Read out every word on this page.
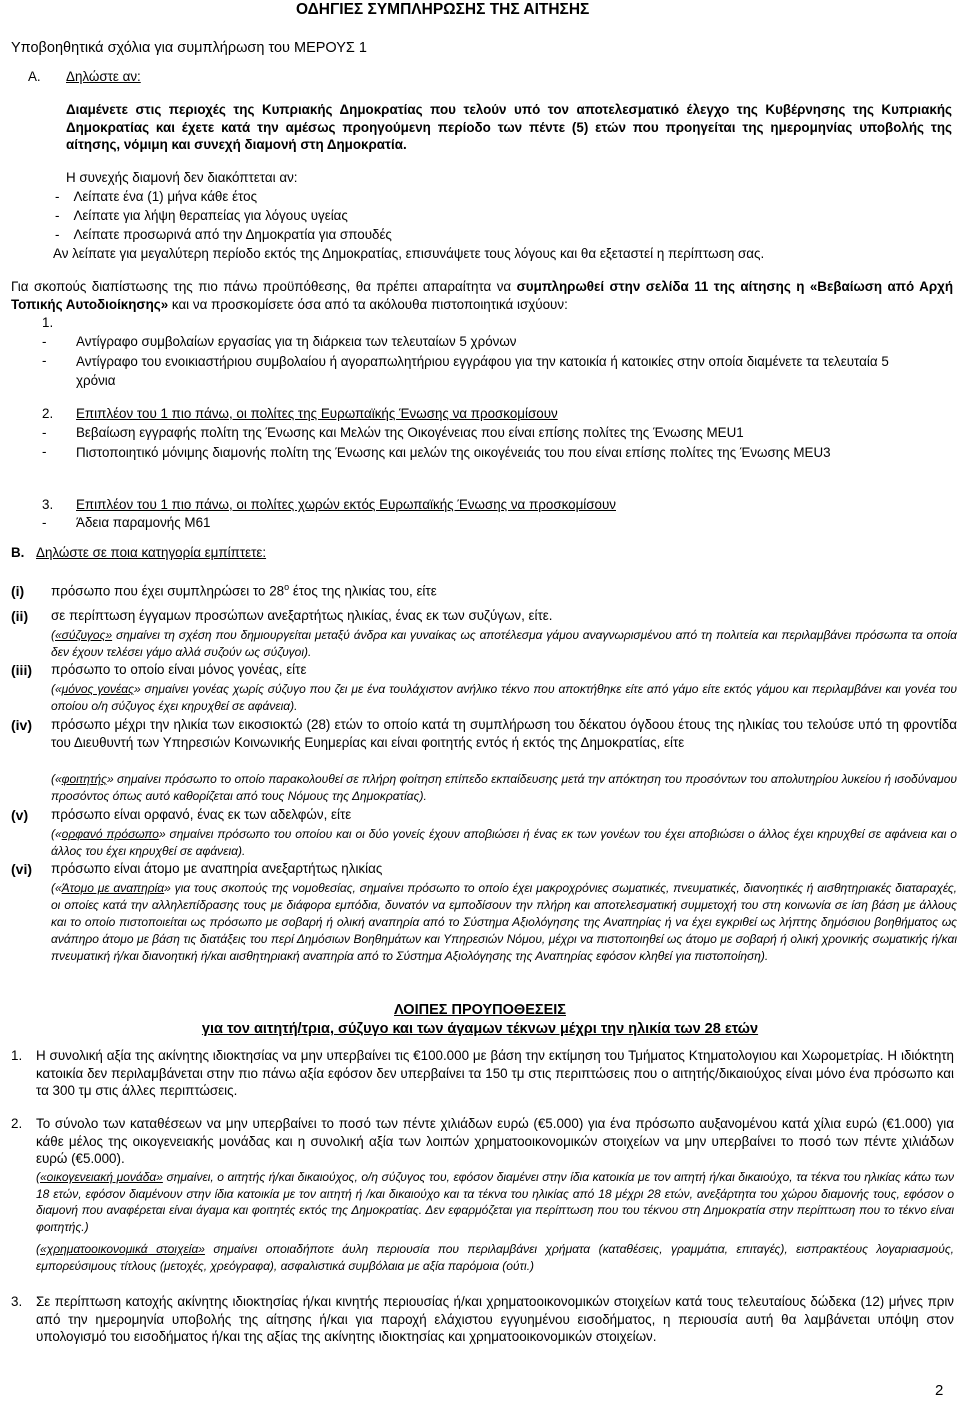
ΟΔΗΓΙΕΣ ΣΥΜΠΛΗΡΩΣΗΣ ΤΗΣ ΑΙΤΗΣΗΣ
Υποβοηθητικά σχόλια για συμπλήρωση του ΜΕΡΟΥΣ 1
Α. Δηλώστε αν:
Διαμένετε στις περιοχές της Κυπριακής Δημοκρατίας που τελούν υπό τον αποτελεσματικό έλεγχο της Κυβέρνησης της Κυπριακής Δημοκρατίας και έχετε κατά την αμέσως προηγούμενη περίοδο των πέντε (5) ετών που προηγείται της ημερομηνίας υποβολής της αίτησης, νόμιμη και συνεχή διαμονή στη Δημοκρατία.
Η συνεχής διαμονή δεν διακόπτεται αν:
- Λείπατε ένα (1) μήνα κάθε έτος
- Λείπατε για λήψη θεραπείας για λόγους υγείας
- Λείπατε προσωρινά από την Δημοκρατία για σπουδές
Αν λείπατε για μεγαλύτερη περίοδο εκτός της Δημοκρατίας, επισυνάψετε τους λόγους και θα εξεταστεί η περίπτωση σας.
Για σκοπούς διαπίστωσης της πιο πάνω προϋπόθεσης, θα πρέπει απαραίτητα να συμπληρωθεί στην σελίδα 11 της αίτησης η «Βεβαίωση από Αρχή Τοπικής Αυτοδιοίκησης» και να προσκομίσετε όσα από τα ακόλουθα πιστοποιητικά ισχύουν:
1.
- Αντίγραφο συμβολαίων εργασίας για τη διάρκεια των τελευταίων 5 χρόνων
- Αντίγραφο του ενοικιαστήριου συμβολαίου ή αγοραπωλητήριου εγγράφου για την κατοικία ή κατοικίες στην οποία διαμένετε τα τελευταία 5 χρόνια
2. Επιπλέον του 1 πιο πάνω, οι πολίτες της Ευρωπαϊκής Ένωσης να προσκομίσουν
- Βεβαίωση εγγραφής πολίτη της Ένωσης και Μελών της Οικογένειας που είναι επίσης πολίτες της Ένωσης MEU1
- Πιστοποιητικό μόνιμης διαμονής πολίτη της Ένωσης και μελών της οικογένειάς του που είναι επίσης πολίτες της Ένωσης MEU3
3. Επιπλέον του 1 πιο πάνω, οι πολίτες χωρών εκτός Ευρωπαϊκής Ένωσης να προσκομίσουν
- Άδεια παραμονής Μ61
Β. Δηλώστε σε ποια κατηγορία εμπίπτετε:
(i) πρόσωπο που έχει συμπληρώσει το $28^o$ έτος της ηλικίας του, είτε
(ii) σε περίπτωση έγγαμων προσώπων ανεξαρτήτως ηλικίας, ένας εκ των συζύγων, είτε.
(«σύζυγος» σημαίνει τη σχέση που δημιουργείται μεταξύ άνδρα και γυναίκας ως αποτέλεσμα γάμου αναγνωρισμένου από τη πολιτεία και περιλαμβάνει πρόσωπα τα οποία δεν έχουν τελέσει γάμο αλλά συζούν ως σύζυγοι).
(iii) πρόσωπο το οποίο είναι μόνος γονέας, είτε
(«μόνος γονέας» σημαίνει γονέας χωρίς σύζυγο που ζει με ένα τουλάχιστον ανήλικο τέκνο που αποκτήθηκε είτε από γάμο είτε εκτός γάμου και περιλαμβάνει και γονέα του οποίου ο/η σύζυγος έχει κηρυχθεί σε αφάνεια).
(iv) πρόσωπο μέχρι την ηλικία των εικοσιοκτώ (28) ετών το οποίο κατά τη συμπλήρωση του δέκατου όγδοου έτους της ηλικίας του τελούσε υπό τη φροντίδα του Διευθυντή των Υπηρεσιών Κοινωνικής Ευημερίας και είναι φοιτητής εντός ή εκτός της Δημοκρατίας, είτε
(«φοιτητής» σημαίνει πρόσωπο το οποίο παρακολουθεί σε πλήρη φοίτηση επίπεδο εκπαίδευσης μετά την απόκτηση του προσόντων του απολυτηρίου λυκείου ή ισοδύναμου προσόντος όπως αυτό καθορίζεται από τους Νόμους της Δημοκρατίας).
(v) πρόσωπο είναι ορφανό, ένας εκ των αδελφών, είτε
(«ορφανό πρόσωπο» σημαίνει πρόσωπο του οποίου και οι δύο γονείς έχουν αποβιώσει ή ένας εκ των γονέων του έχει αποβιώσει ο άλλος έχει κηρυχθεί σε αφάνεια και ο άλλος του έχει κηρυχθεί σε αφάνεια).
(vi) πρόσωπο είναι άτομο με αναπηρία ανεξαρτήτως ηλικίας
(«Άτομο με αναπηρία» για τους σκοπούς της νομοθεσίας, σημαίνει πρόσωπο το οποίο έχει μακροχρόνιες σωματικές, πνευματικές, διανοητικές ή αισθητηριακές διαταραχές, οι οποίες κατά την αλληλεπίδρασης τους με διάφορα εμπόδια, δυνατόν να εμποδίσουν την πλήρη και αποτελεσματική συμμετοχή του στη κοινωνία σε ίση βάση με άλλους και το οποίο πιστοποιείται ως πρόσωπο με σοβαρή ή ολική αναπηρία από το Σύστημα Αξιολόγησης της Αναπηρίας ή να έχει εγκριθεί ως λήπτης δημόσιου βοηθήματος ως ανάπηρο άτομο με βάση τις διατάξεις του περί Δημόσιων Βοηθημάτων και Υπηρεσιών Νόμου, μέχρι να πιστοποιηθεί ως άτομο με σοβαρή ή ολική χρονικής σωματικής ή/και πνευματική ή/και διανοητική ή/και αισθητηριακή αναπηρία από το Σύστημα Αξιολόγησης της Αναπηρίας εφόσον κληθεί για πιστοποίηση).
ΛΟΙΠΕΣ ΠΡΟΥΠΟΘΕΣΕΙΣ
για τον αιτητή/τρια, σύζυγο και των άγαμων τέκνων μέχρι την ηλικία των 28 ετών
1. Η συνολική αξία της ακίνητης ιδιοκτησίας να μην υπερβαίνει τις €100.000 με βάση την εκτίμηση του Τμήματος Κτηματολογιου και Χωρομετρίας. Η ιδιόκτητη κατοικία δεν περιλαμβάνεται στην πιο πάνω αξία εφόσον δεν υπερβαίνει τα 150 τμ στις περιπτώσεις που ο αιτητής/δικαιούχος είναι μόνο ένα πρόσωπο και τα 300 τμ στις άλλες περιπτώσεις.
2. Το σύνολο των καταθέσεων να μην υπερβαίνει το ποσό των πέντε χιλιάδων ευρώ (€5.000) για ένα πρόσωπο αυξανομένου κατά χίλια ευρώ (€1.000) για κάθε μέλος της οικογενειακής μονάδας και η συνολική αξία των λοιπών χρηματοοικονομικών στοιχείων να μην υπερβαίνει το ποσό των πέντε χιλιάδων ευρώ (€5.000).
(«οικογενειακή μονάδα» σημαίνει, ο αιτητής ή/και δικαιούχος, ο/η σύζυγος του, εφόσον διαμένει στην ίδια κατοικία με τον αιτητή ή/και δικαιούχο, τα τέκνα του ηλικίας κάτω των 18 ετών, εφόσον διαμένουν στην ίδια κατοικία με τον αιτητή ή /και δικαιούχο και τα τέκνα του ηλικίας από 18 μέχρι 28 ετών, ανεξάρτητα του χώρου διαμονής τους, εφόσον ο διαμονή που αναφέρεται είναι άγαμα και φοιτητές εκτός της Δημοκρατίας. Δεν εφαρμόζεται για περίπτωση που του τέκνου στη Δημοκρατία στην περίπτωση που το τέκνο είναι φοιτητής.)
(«χρηματοοικονομικά στοιχεία» σημαίνει οποιαδήποτε άυλη περιουσία που περιλαμβάνει χρήματα (καταθέσεις, γραμμάτια, επιταγές), εισπρακτέους λογαριασμούς, εμπορεύσιμους τίτλους (μετοχές, χρεόγραφα), ασφαλιστικά συμβόλαια με αξία παρόμοια (ούτι.)
3. Σε περίπτωση κατοχής ακίνητης ιδιοκτησίας ή/και κινητής περιουσίας ή/και χρηματοοικονομικών στοιχείων κατά τους τελευταίους δώδεκα (12) μήνες πριν από την ημερομηνία υποβολής της αίτησης ή/και για παροχή ελάχιστου εγγυημένου εισοδήματος, η περιουσία αυτή θα λαμβάνεται υπόψη στον υπολογισμό του εισοδήματος ή/και της αξίας της ακίνητης ιδιοκτησίας και χρηματοοικονομικών στοιχείων.
2
